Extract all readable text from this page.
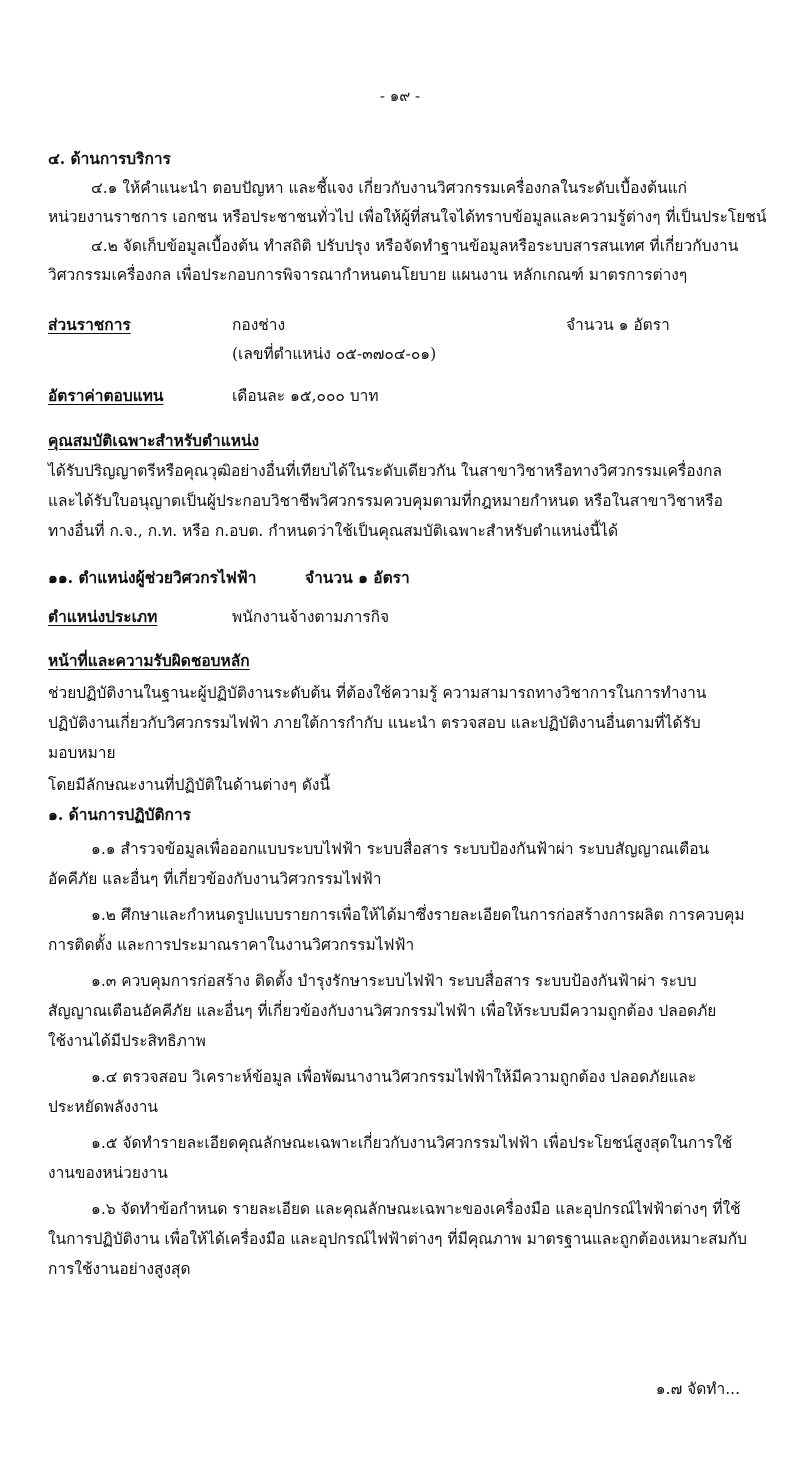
- ๑๙ -
๔. ด้านการบริการ
๔.๑ ให้คำแนะนำ ตอบปัญหา และชี้แจง เกี่ยวกับงานวิศวกรรมเครื่องกลในระดับเบื้องต้นแก่
หน่วยงานราชการ เอกชน หรือประชาชนทั่วไป เพื่อให้ผู้ที่สนใจได้ทราบข้อมูลและความรู้ต่างๆ ที่เป็นประโยชน์
๔.๒ จัดเก็บข้อมูลเบื้องต้น ทำสถิติ ปรับปรุง หรือจัดทำฐานข้อมูลหรือระบบสารสนเทศ ที่เกี่ยวกับงาน
วิศวกรรมเครื่องกล เพื่อประกอบการพิจารณากำหนดนโยบาย แผนงาน หลักเกณฑ์ มาตรการต่างๆ
ส่วนราชการ	กองช่าง	จำนวน ๑ อัตรา
(เลขที่ตำแหน่ง ๐๕-๓๗๐๔-๐๑)
อัตราค่าตอบแทน	เดือนละ ๑๕,๐๐๐ บาท
คุณสมบัติเฉพาะสำหรับตำแหน่ง
ได้รับปริญญาตรีหรือคุณวุฒิอย่างอื่นที่เทียบได้ในระดับเดียวกัน ในสาขาวิชาหรือทางวิศวกรรมเครื่องกล
และได้รับใบอนุญาตเป็นผู้ประกอบวิชาชีพวิศวกรรมควบคุมตามที่กฎหมายกำหนด หรือในสาขาวิชาหรือ
ทางอื่นที่ ก.จ., ก.ท. หรือ ก.อบต. กำหนดว่าใช้เป็นคุณสมบัติเฉพาะสำหรับตำแหน่งนี้ได้
๑๑. ตำแหน่งผู้ช่วยวิศวกรไฟฟ้า	จำนวน ๑ อัตรา
ตำแหน่งประเภท	พนักงานจ้างตามภารกิจ
หน้าที่และความรับผิดชอบหลัก
ช่วยปฏิบัติงานในฐานะผู้ปฏิบัติงานระดับต้น ที่ต้องใช้ความรู้ ความสามารถทางวิชาการในการทำงาน
ปฏิบัติงานเกี่ยวกับวิศวกรรมไฟฟ้า ภายใต้การกำกับ แนะนำ ตรวจสอบ และปฏิบัติงานอื่นตามที่ได้รับ
มอบหมาย
โดยมีลักษณะงานที่ปฏิบัติในด้านต่างๆ ดังนี้
๑. ด้านการปฏิบัติการ
๑.๑ สำรวจข้อมูลเพื่อออกแบบระบบไฟฟ้า ระบบสื่อสาร ระบบป้องกันฟ้าผ่า ระบบสัญญาณเตือน
อัคคีภัย และอื่นๆ ที่เกี่ยวข้องกับงานวิศวกรรมไฟฟ้า
๑.๒ ศึกษาและกำหนดรูปแบบรายการเพื่อให้ได้มาซึ่งรายละเอียดในการก่อสร้างการผลิต การควบคุม
การติดตั้ง และการประมาณราคาในงานวิศวกรรมไฟฟ้า
๑.๓ ควบคุมการก่อสร้าง ติดตั้ง บำรุงรักษาระบบไฟฟ้า ระบบสื่อสาร ระบบป้องกันฟ้าผ่า ระบบ
สัญญาณเตือนอัคคีภัย และอื่นๆ ที่เกี่ยวข้องกับงานวิศวกรรมไฟฟ้า เพื่อให้ระบบมีความถูกต้อง ปลอดภัย
ใช้งานได้มีประสิทธิภาพ
๑.๔ ตรวจสอบ วิเคราะห์ข้อมูล เพื่อพัฒนางานวิศวกรรมไฟฟ้าให้มีความถูกต้อง ปลอดภัยและ
ประหยัดพลังงาน
๑.๕ จัดทำรายละเอียดคุณลักษณะเฉพาะเกี่ยวกับงานวิศวกรรมไฟฟ้า เพื่อประโยชน์สูงสุดในการใช้
งานของหน่วยงาน
๑.๖ จัดทำข้อกำหนด รายละเอียด และคุณลักษณะเฉพาะของเครื่องมือ และอุปกรณ์ไฟฟ้าต่างๆ ที่ใช้
ในการปฏิบัติงาน เพื่อให้ได้เครื่องมือ และอุปกรณ์ไฟฟ้าต่างๆ ที่มีคุณภาพ มาตรฐานและถูกต้องเหมาะสมกับ
การใช้งานอย่างสูงสุด
๑.๗ จัดทำ...
